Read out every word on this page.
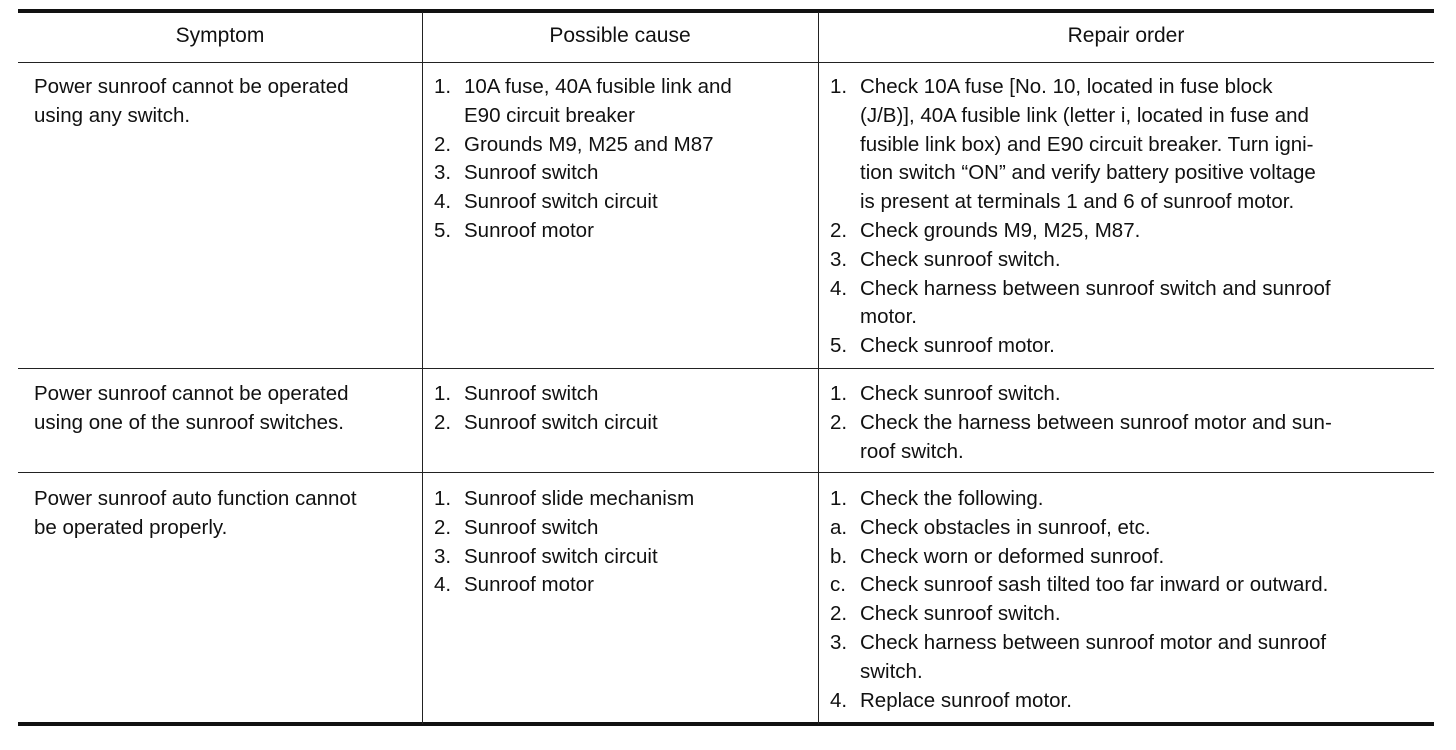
Symptom	Possible cause	Repair order
Power sunroof cannot be operated
using any switch.
1. 10A fuse, 40A fusible link and
E90 circuit breaker
2. Grounds M9, M25 and M87
3. Sunroof switch
4. Sunroof switch circuit
5. Sunroof motor
1. Check 10A fuse [No. 10, located in fuse block
(J/B)], 40A fusible link (letter i, located in fuse and
fusible link box) and E90 circuit breaker. Turn igni-
tion switch “ON” and verify battery positive voltage
is present at terminals 1 and 6 of sunroof motor.
2. Check grounds M9, M25, M87.
3. Check sunroof switch.
4. Check harness between sunroof switch and sunroof
motor.
5. Check sunroof motor.
Power sunroof cannot be operated
using one of the sunroof switches.
1. Sunroof switch
2. Sunroof switch circuit
1. Check sunroof switch.
2. Check the harness between sunroof motor and sun-
roof switch.
Power sunroof auto function cannot
be operated properly.
1. Sunroof slide mechanism
2. Sunroof switch
3. Sunroof switch circuit
4. Sunroof motor
1. Check the following.
a. Check obstacles in sunroof, etc.
b. Check worn or deformed sunroof.
c. Check sunroof sash tilted too far inward or outward.
2. Check sunroof switch.
3. Check harness between sunroof motor and sunroof
switch.
4. Replace sunroof motor.
